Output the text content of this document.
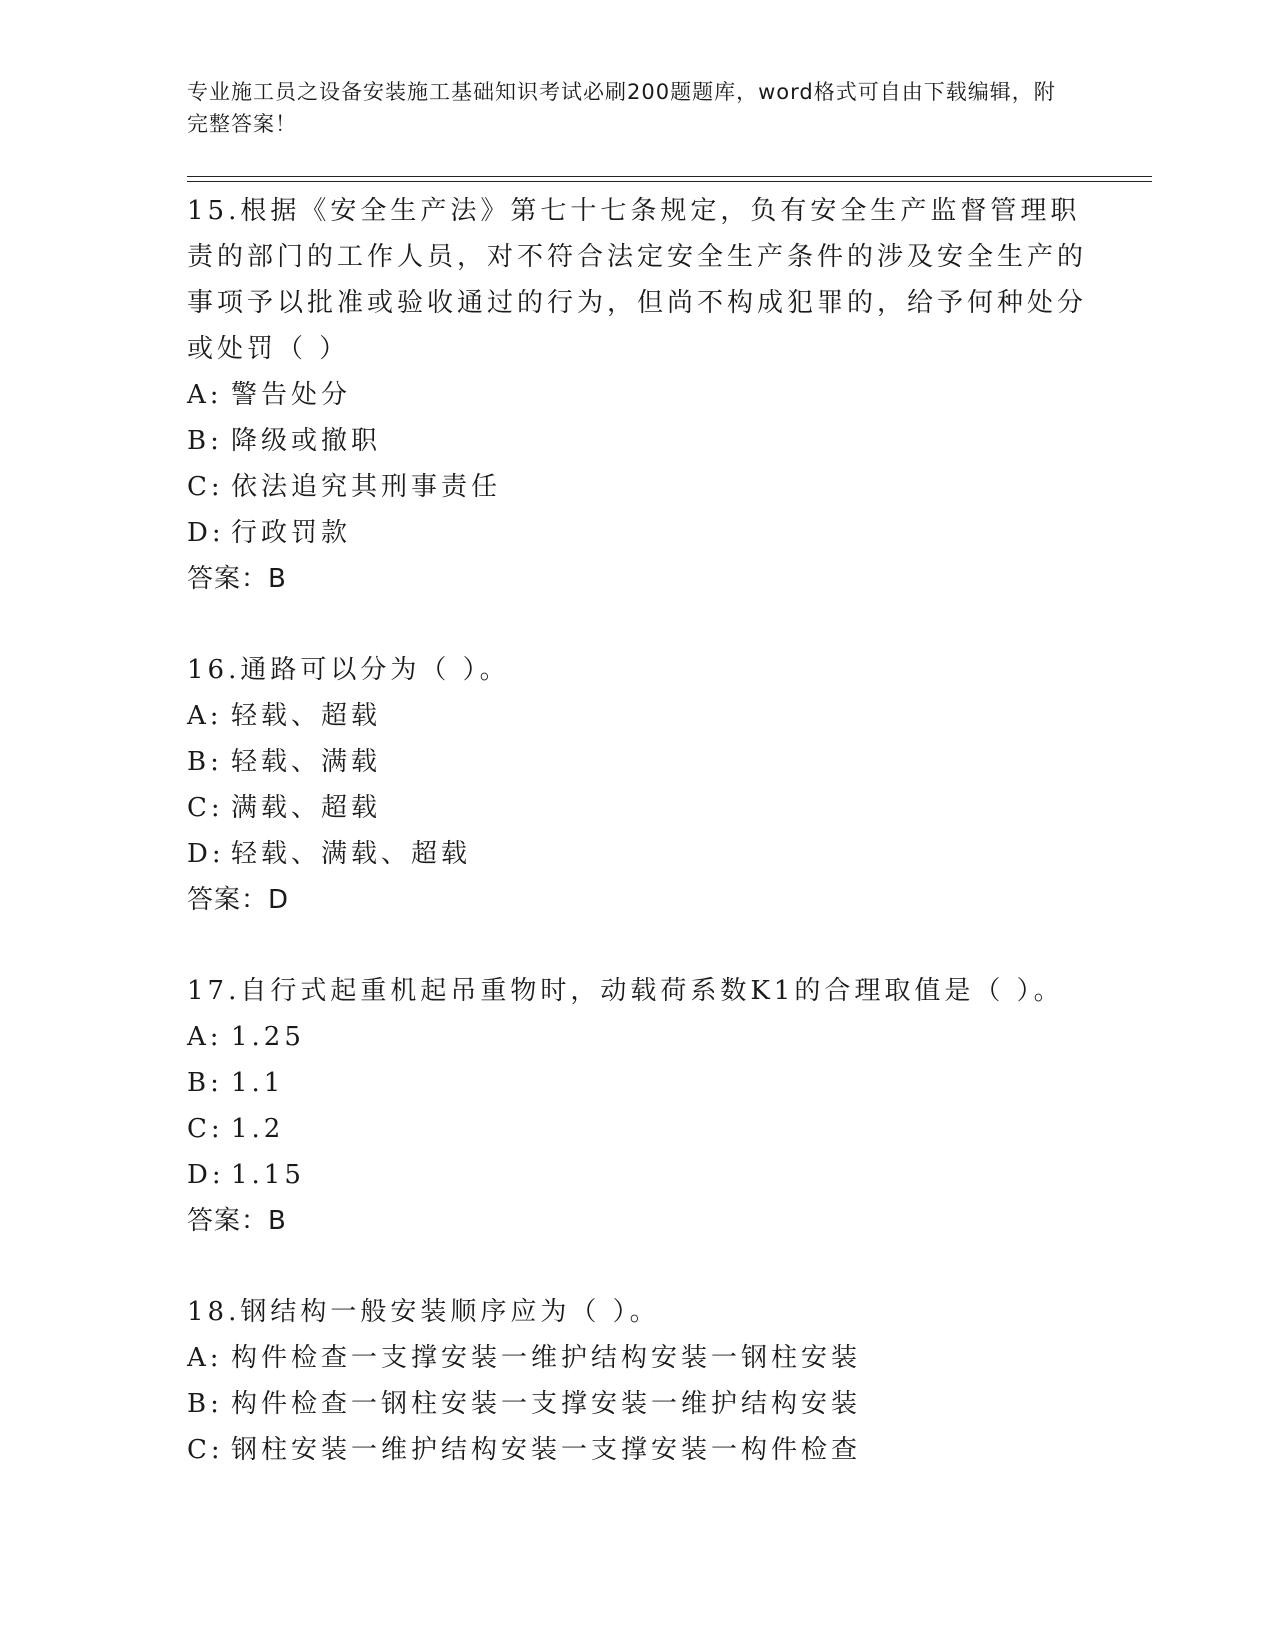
专业施工员之设备安装施工基础知识考试必刷200题题库，word格式可自由下载编辑，附完整答案！
15.根据《安全生产法》第七十七条规定，负有安全生产监督管理职责的部门的工作人员，对不符合法定安全生产条件的涉及安全生产的事项予以批准或验收通过的行为，但尚不构成犯罪的，给予何种处分或处罚（ ）
A: 警告处分
B: 降级或撤职
C: 依法追究其刑事责任
D: 行政罚款
答案：B
16.通路可以分为（ ）。
A: 轻载、超载
B: 轻载、满载
C: 满载、超载
D: 轻载、满载、超载
答案：D
17.自行式起重机起吊重物时，动载荷系数K1的合理取值是（ ）。
A: 1.25
B: 1.1
C: 1.2
D: 1.15
答案：B
18.钢结构一般安装顺序应为（ ）。
A: 构件检查一支撑安装一维护结构安装一钢柱安装
B: 构件检查一钢柱安装一支撑安装一维护结构安装
C: 钢柱安装一维护结构安装一支撑安装一构件检查
